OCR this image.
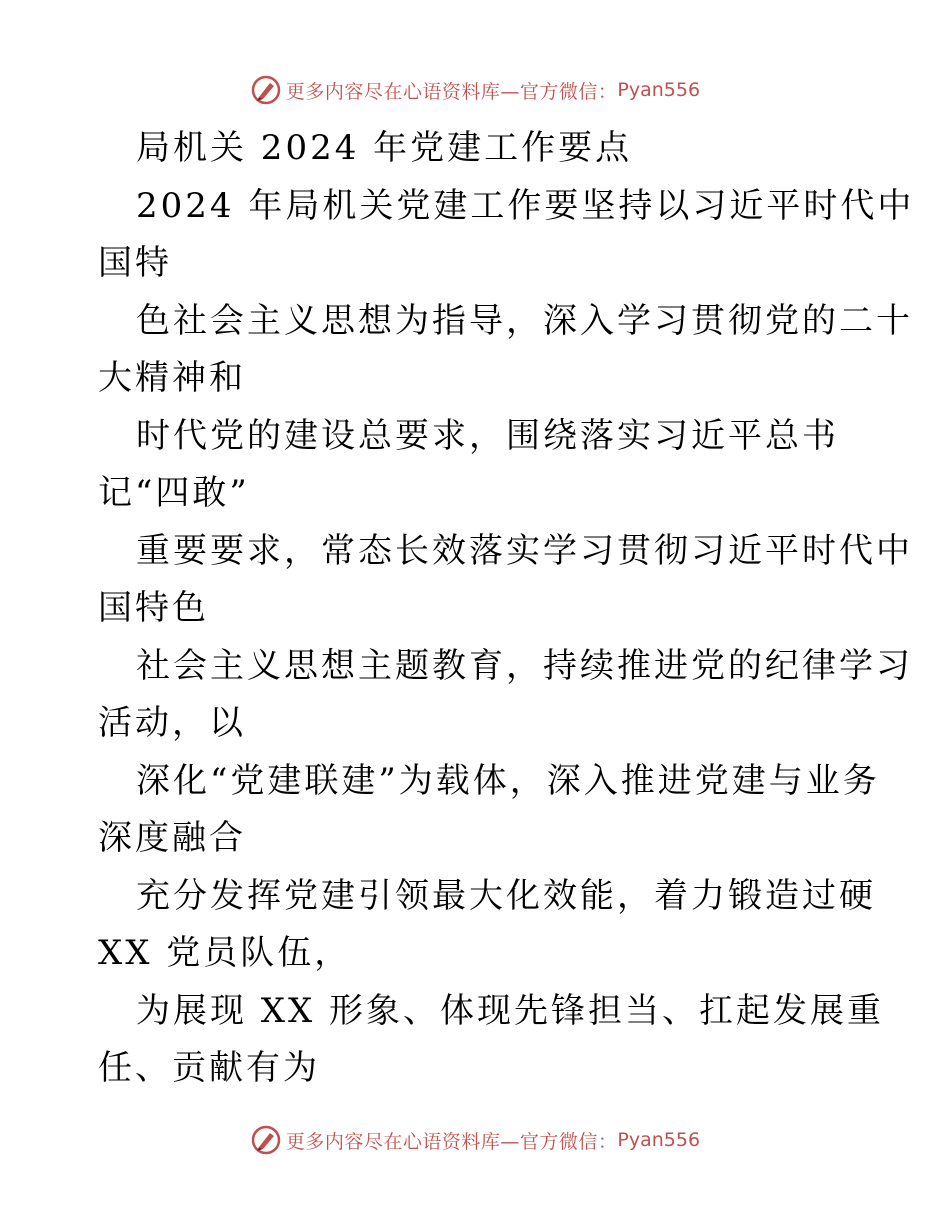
更多内容尽在心语资料库—官方微信： Pyan556
局机关 2024 年党建工作要点
2024 年局机关党建工作要坚持以习近平时代中
国特
色社会主义思想为指导，深入学习贯彻党的二十
大精神和
时代党的建设总要求，围绕落实习近平总书
记“四敢”
重要要求，常态长效落实学习贯彻习近平时代中
国特色
社会主义思想主题教育，持续推进党的纪律学习
活动，以
深化“党建联建”为载体，深入推进党建与业务
深度融合
充分发挥党建引领最大化效能，着力锻造过硬
XX 党员队伍，
为展现 XX 形象、体现先锋担当、扛起发展重
任、贡献有为
更多内容尽在心语资料库—官方微信： Pyan556
